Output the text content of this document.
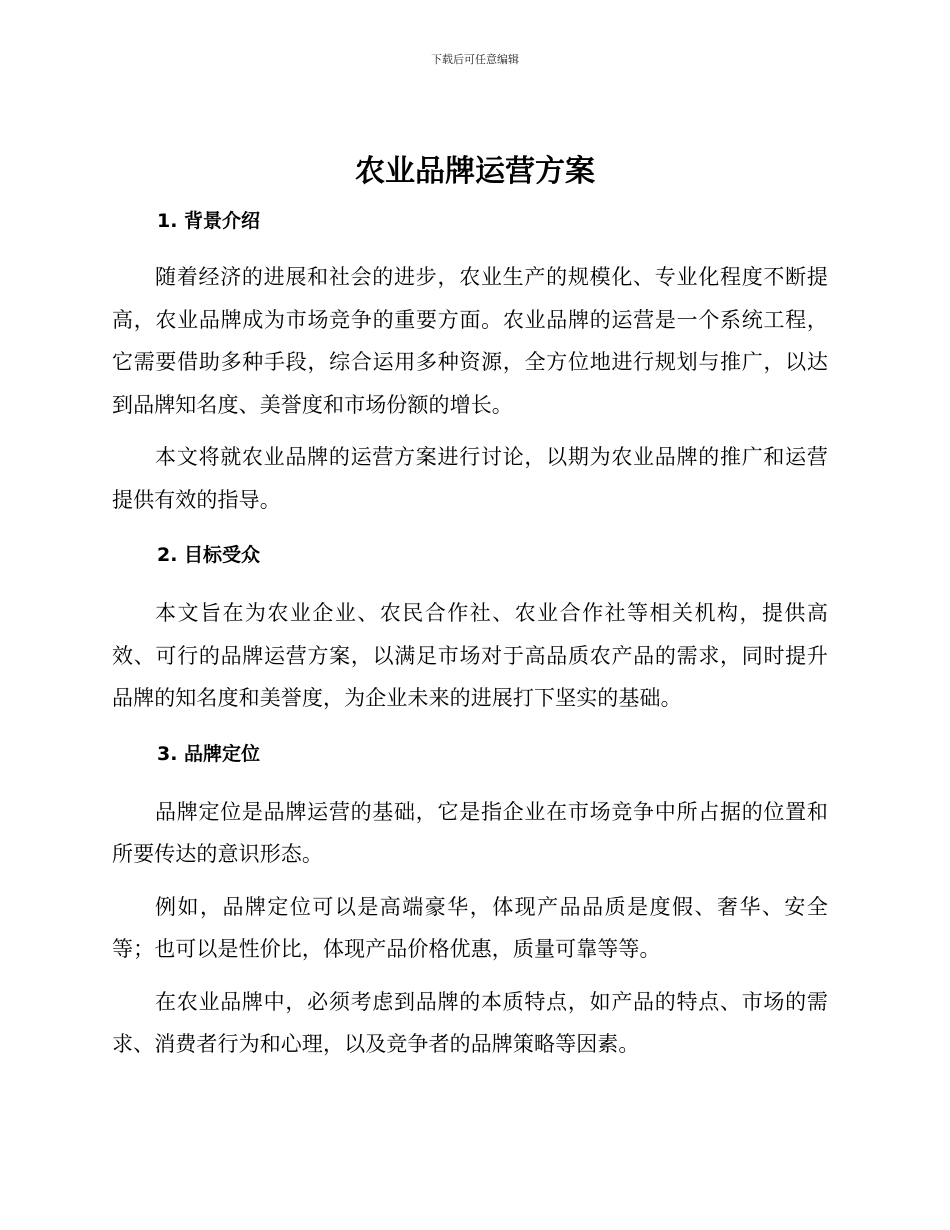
下载后可任意编辑
农业品牌运营方案
1. 背景介绍

随着经济的进展和社会的进步，农业生产的规模化、专业化程度不断提高，农业品牌成为市场竞争的重要方面。农业品牌的运营是一个系统工程，它需要借助多种手段，综合运用多种资源，全方位地进行规划与推广，以达到品牌知名度、美誉度和市场份额的增长。

本文将就农业品牌的运营方案进行讨论，以期为农业品牌的推广和运营提供有效的指导。

2. 目标受众

本文旨在为农业企业、农民合作社、农业合作社等相关机构，提供高效、可行的品牌运营方案，以满足市场对于高品质农产品的需求，同时提升品牌的知名度和美誉度，为企业未来的进展打下坚实的基础。

3. 品牌定位

品牌定位是品牌运营的基础，它是指企业在市场竞争中所占据的位置和所要传达的意识形态。

例如，品牌定位可以是高端豪华，体现产品品质是度假、奢华、安全等；也可以是性价比，体现产品价格优惠，质量可靠等等。

在农业品牌中，必须考虑到品牌的本质特点，如产品的特点、市场的需求、消费者行为和心理，以及竞争者的品牌策略等因素。
